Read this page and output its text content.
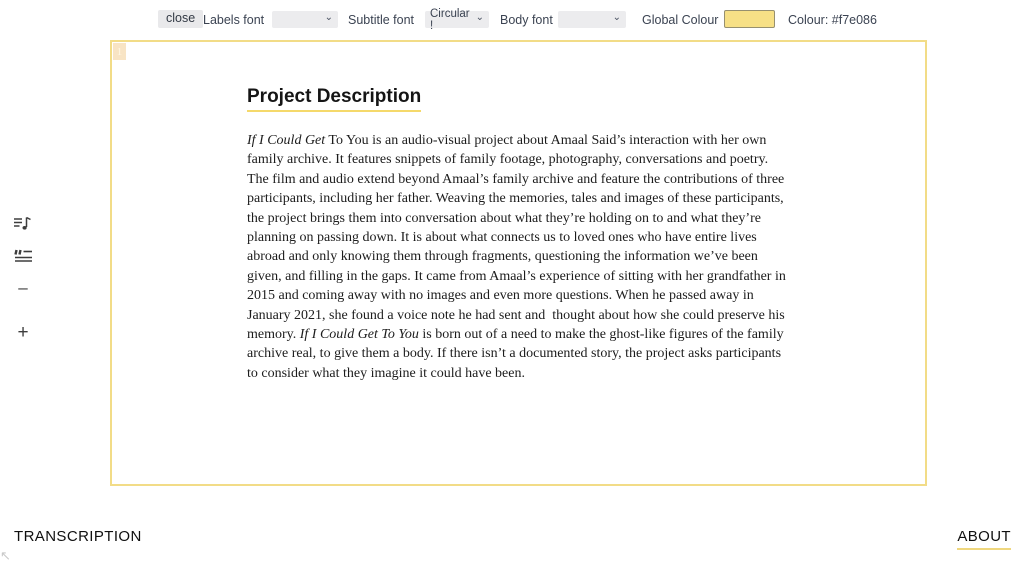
close Labels font	⌄ Subtitle font Circular !
⌄ Body font	⌄ Global Colour	Colour: #f7e086
1
Project Description

If I Could Get To You is an audio-visual project about Amaal Said’s interaction with her own family archive. It features snippets of family footage, photography, conversations and poetry. The film and audio extend beyond Amaal’s family archive and feature the contributions of three participants, including her father. Weaving the memories, tales and images of these participants, the project brings them into conversation about what they’re holding on to and what they’re planning on passing down. It is about what connects us to loved ones who have entire lives abroad and only knowing them through fragments, questioning the information we’ve been given, and filling in the gaps. It came from Amaal’s experience of sitting with her grandfather in 2015 and coming away with no images and even more questions. When he passed away in January 2021, she found a voice note he had sent and  thought about how she could preserve his memory. If I Could Get To You is born out of a need to make the ghost-like figures of the family archive real, to give them a body. If there isn’t a documented story, the project asks participants to consider what they imagine it could have been.

–
+
TRANSCRIPTION	ABOUT
↖
